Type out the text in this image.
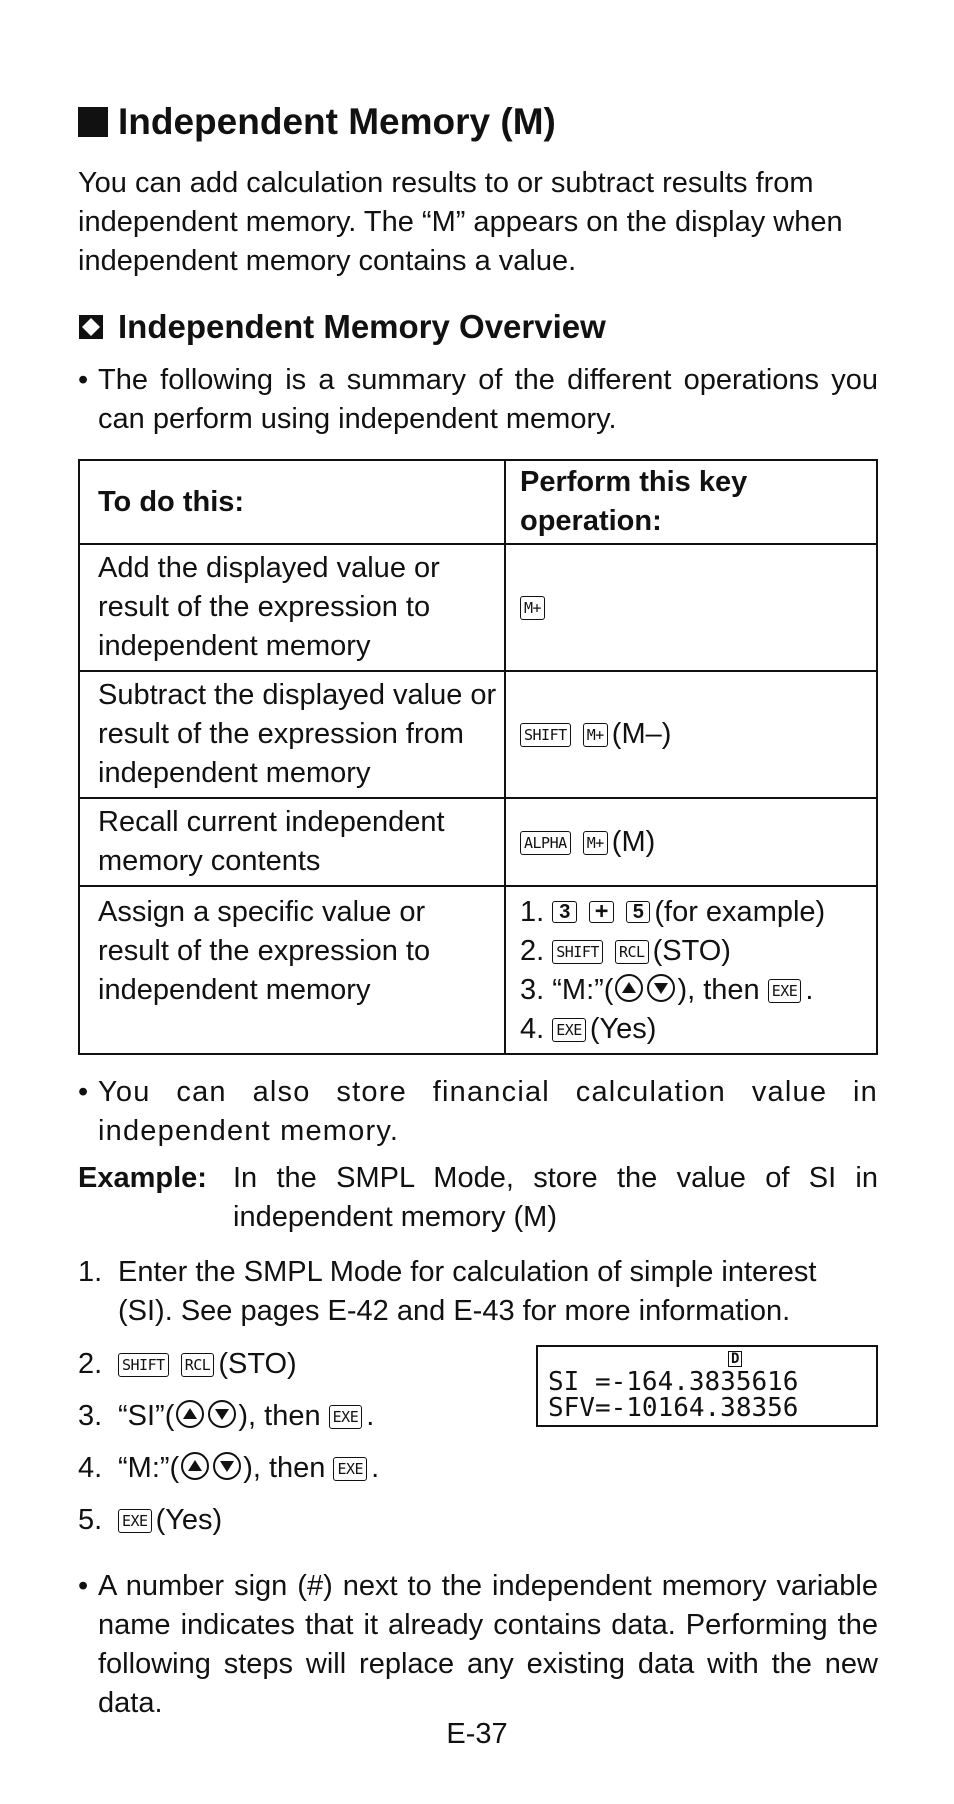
Independent Memory (M)

You can add calculation results to or subtract results from independent memory. The “M” appears on the display when independent memory contains a value.

Independent Memory Overview
• The following is a summary of the different operations you can perform using independent memory.
To do this:	Perform this key operation:
Add the displayed value or result of the expression to independent memory	M+
Subtract the displayed value or result of the expression from independent memory	SHIFT M+ (M–)
Recall current independent memory contents	ALPHA M+ (M)
Assign a specific value or result of the expression to independent memory	1. 3 + 5 (for example)
2. SHIFT RCL (STO)
3. “M:”( ), then EXE .
4. EXE (Yes)
• You can also store financial calculation value in independent memory.
Example: In the SMPL Mode, store the value of SI in independent memory (M)
1. Enter the SMPL Mode for calculation of simple interest (SI). See pages E-42 and E-43 for more information.
D
SI =-164.3835616
SFV=-10164.38356
2.	SHIFT RCL (STO)
3. “SI”( ), then EXE .
4. “M:”( ), then EXE .
5.	EXE (Yes)
• A number sign (#) next to the independent memory variable name indicates that it already contains data. Performing the following steps will replace any existing data with the new data.
E-37
